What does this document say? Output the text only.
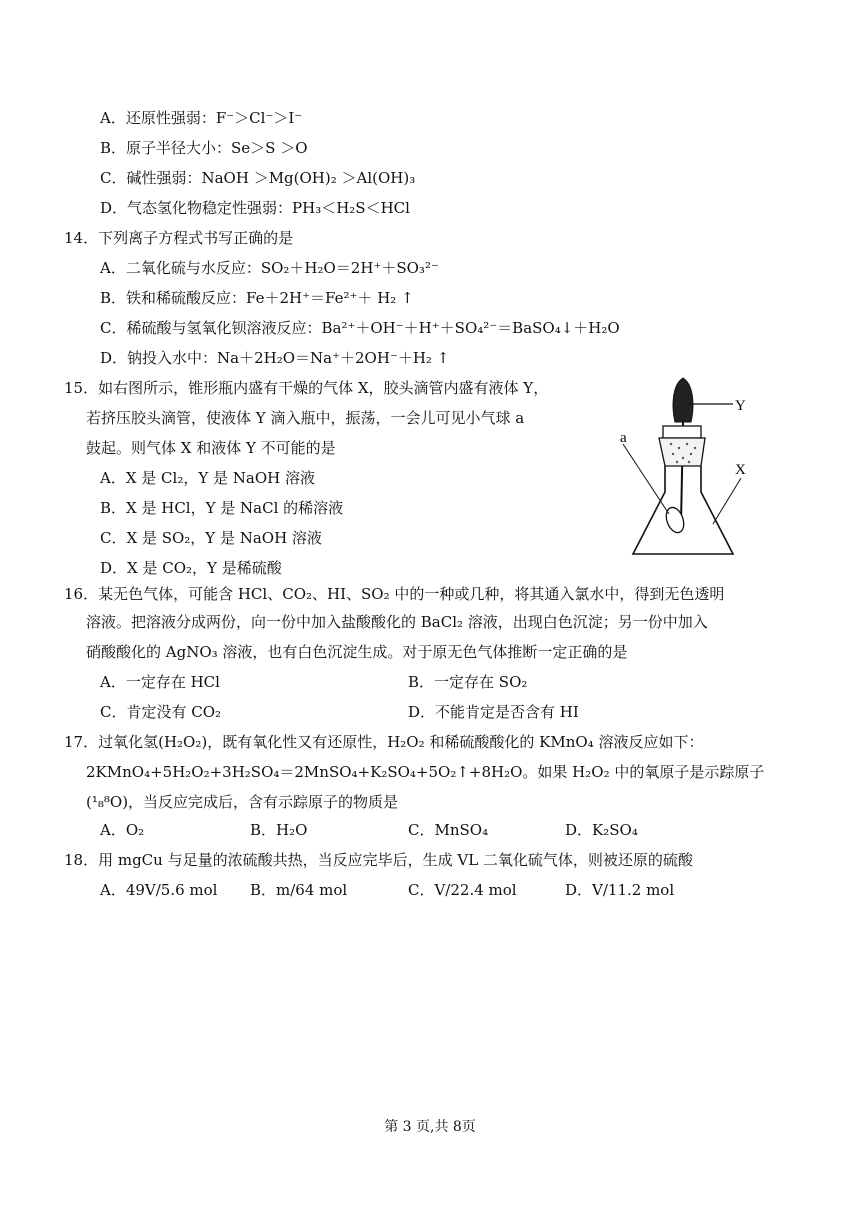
A．还原性强弱：F⁻＞Cl⁻＞I⁻
B．原子半径大小：Se＞S ＞O
C．碱性强弱：NaOH ＞Mg(OH)₂ ＞Al(OH)₃
D．气态氢化物稳定性强弱：PH₃＜H₂S＜HCl
14．下列离子方程式书写正确的是
A．二氧化硫与水反应：SO₂＋H₂O＝2H⁺＋SO₃²⁻
B．铁和稀硫酸反应：Fe＋2H⁺＝Fe²⁺＋ H₂ ↑
C．稀硫酸与氢氧化钡溶液反应：Ba²⁺＋OH⁻＋H⁺＋SO₄²⁻＝BaSO₄↓＋H₂O
D．钠投入水中：Na＋2H₂O＝Na⁺＋2OH⁻＋H₂ ↑
15．如右图所示，锥形瓶内盛有干燥的气体 X，胶头滴管内盛有液体 Y，
若挤压胶头滴管，使液体 Y 滴入瓶中，振荡，一会儿可见小气球 a
鼓起。则气体 X 和液体 Y 不可能的是
A．X 是 Cl₂，Y 是 NaOH 溶液
B．X 是 HCl，Y 是 NaCl 的稀溶液
C．X 是 SO₂，Y 是 NaOH 溶液
D．X 是 CO₂，Y 是稀硫酸
Y
a
X
16．某无色气体，可能含 HCl、CO₂、HI、SO₂ 中的一种或几种，将其通入氯水中，得到无色透明
溶液。把溶液分成两份，向一份中加入盐酸酸化的 BaCl₂ 溶液，出现白色沉淀；另一份中加入
硝酸酸化的 AgNO₃ 溶液，也有白色沉淀生成。对于原无色气体推断一定正确的是
A．一定存在 HCl	B．一定存在 SO₂
C．肯定没有 CO₂	D．不能肯定是否含有 HI
17．过氧化氢(H₂O₂)，既有氧化性又有还原性，H₂O₂ 和稀硫酸酸化的 KMnO₄ 溶液反应如下：
2KMnO₄+5H₂O₂+3H₂SO₄＝2MnSO₄+K₂SO₄+5O₂↑+8H₂O。如果 H₂O₂ 中的氧原子是示踪原子
(¹₈⁸O)，当反应完成后，含有示踪原子的物质是
A．O₂	B．H₂O	C．MnSO₄	D．K₂SO₄
18．用 mgCu 与足量的浓硫酸共热，当反应完毕后，生成 VL 二氧化硫气体，则被还原的硫酸
A．49V/5.6 mol B．m/64 mol	C．V/22.4 mol	D．V/11.2 mol
第 3 页,共 8页
